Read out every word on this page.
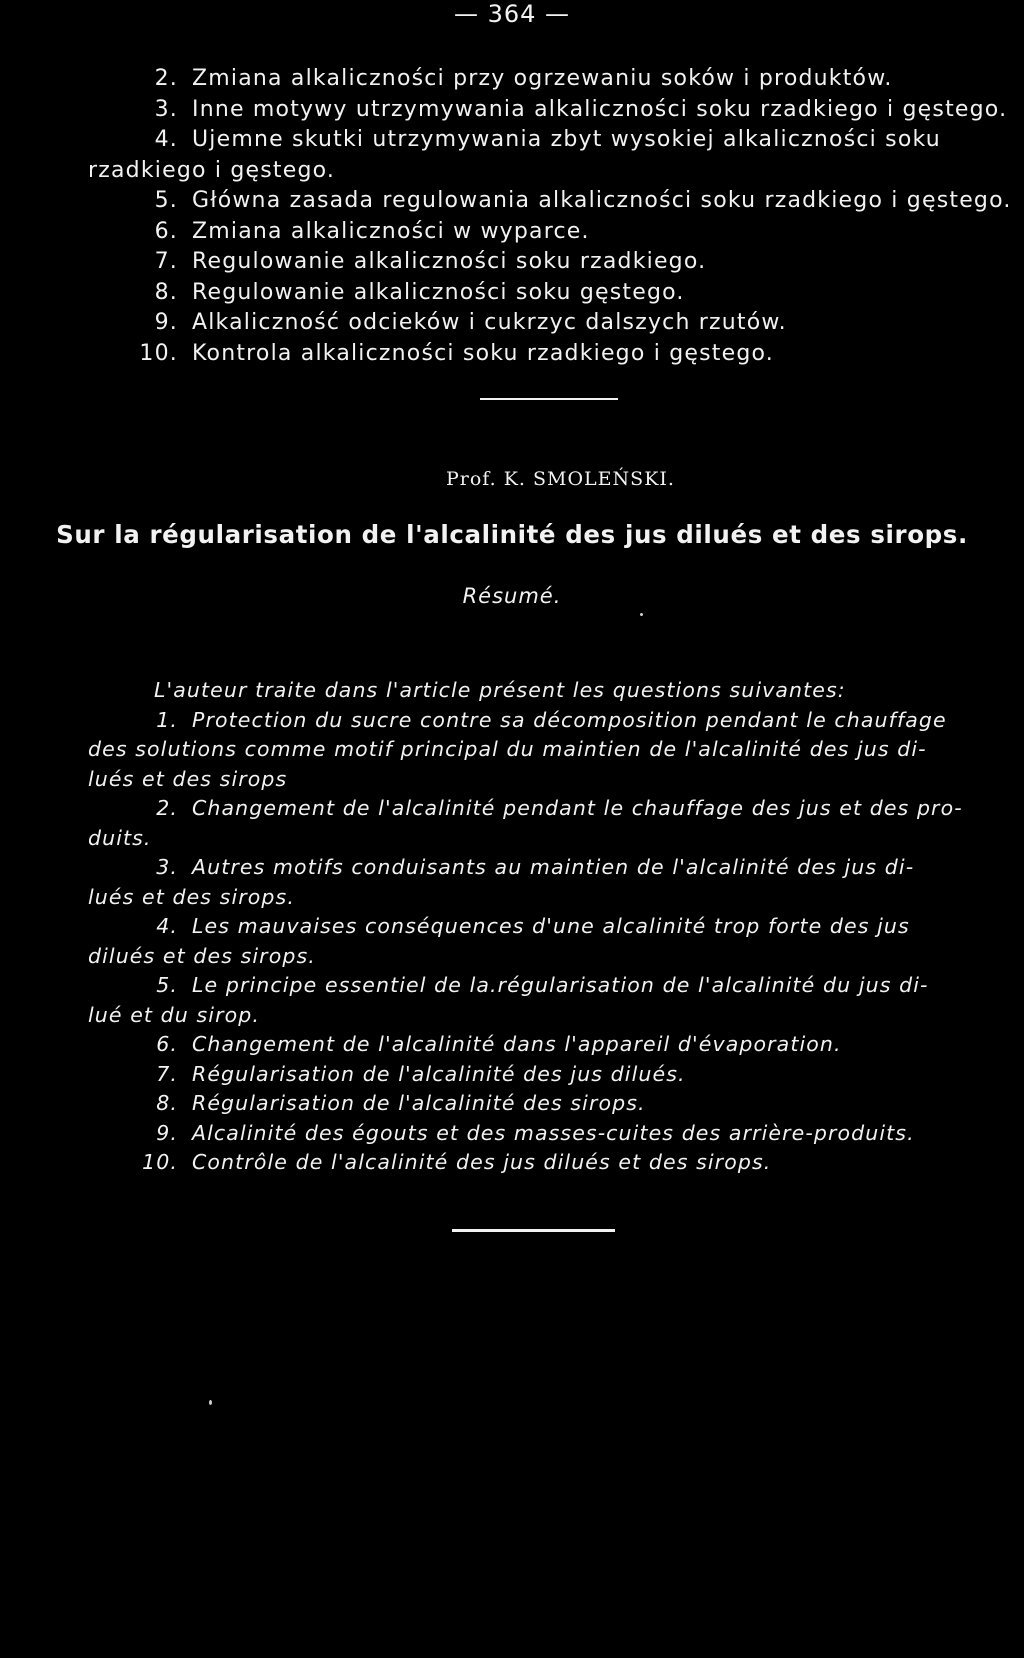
— 364 —
2. Zmiana alkaliczności przy ogrzewaniu soków i produktów.
3. Inne motywy utrzymywania alkaliczności soku rzadkiego i gęstego.
4. Ujemne skutki utrzymywania zbyt wysokiej alkaliczności soku
rzadkiego i gęstego.
5. Główna zasada regulowania alkaliczności soku rzadkiego i gęstego.
6. Zmiana alkaliczności w wyparce.
7. Regulowanie alkaliczności soku rzadkiego.
8. Regulowanie alkaliczności soku gęstego.
9. Alkaliczność odcieków i cukrzyc dalszych rzutów.
10. Kontrola alkaliczności soku rzadkiego i gęstego.
Prof. K. SMOLEŃSKI.
Sur la régularisation de l'alcalinité des jus dilués et des sirops.
Résumé.
L'auteur traite dans l'article présent les questions suivantes:
1. Protection du sucre contre sa décomposition pendant le chauffage
des solutions comme motif principal du maintien de l'alcalinité des jus di-
lués et des sirops
2. Changement de l'alcalinité pendant le chauffage des jus et des pro-
duits.
3. Autres motifs conduisants au maintien de l'alcalinité des jus di-
lués et des sirops.
4. Les mauvaises conséquences d'une alcalinité trop forte des jus
dilués et des sirops.
5. Le principe essentiel de la.régularisation de l'alcalinité du jus di-
lué et du sirop.
6. Changement de l'alcalinité dans l'appareil d'évaporation.
7. Régularisation de l'alcalinité des jus dilués.
8. Régularisation de l'alcalinité des sirops.
9. Alcalinité des égouts et des masses-cuites des arrière-produits.
10. Contrôle de l'alcalinité des jus dilués et des sirops.
